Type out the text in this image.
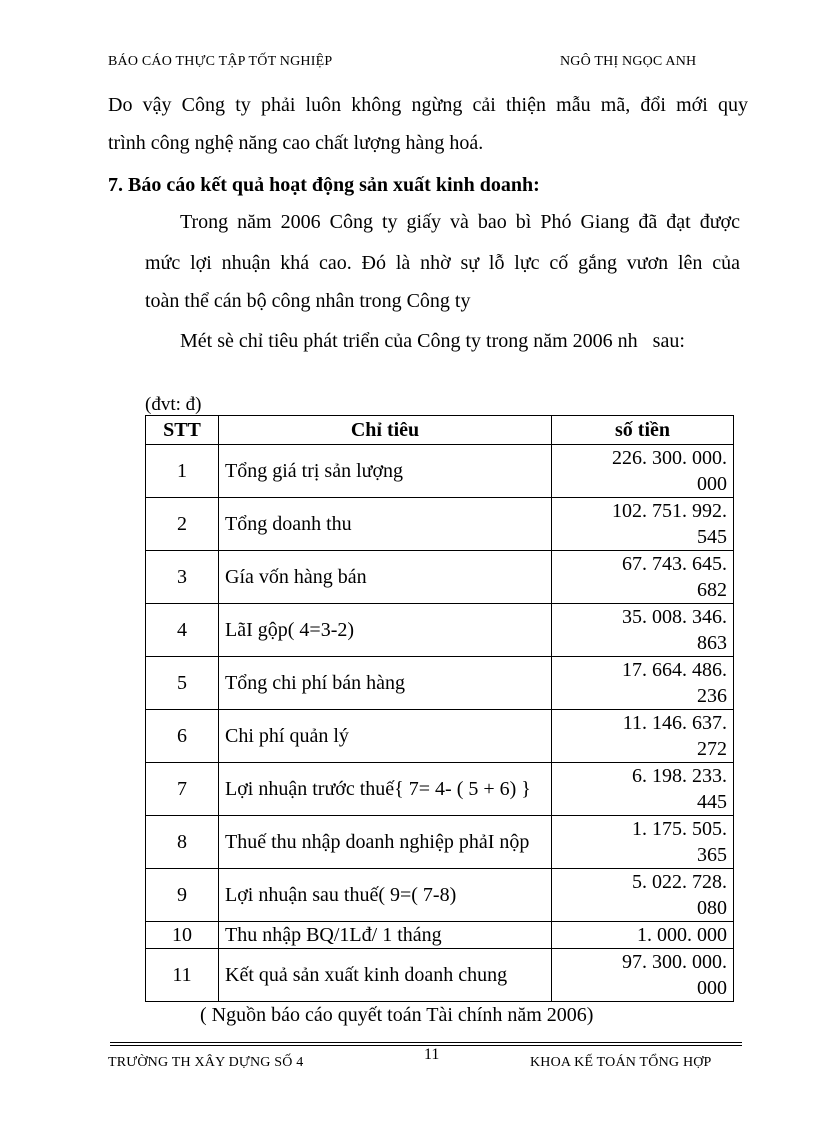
BÁO CÁO THỰC TẬP TỐT NGHIỆP	NGÔ THỊ NGỌC ANH
Do vậy Công ty phải luôn không ngừng cải thiện mẫu mã, đổi mới quy
trình công nghệ năng cao chất lượng hàng hoá.
7. Báo cáo kết quả hoạt động sản xuất kinh doanh:
Trong năm 2006 Công ty giấy và bao bì Phó Giang đã đạt được
mức lợi nhuận khá cao. Đó là nhờ sự lỗ lực cố gắng vươn lên của
toàn thể cán bộ công nhân trong Công ty
Mét sè chỉ tiêu phát triển của Công ty trong năm 2006 nh   sau:
(đvt: đ)
STT	Chỉ tiêu	số tiền
1	Tổng giá trị sản lượng	226. 300. 000.
000

2	Tổng doanh thu	102. 751. 992.
545

3	Gía vốn hàng bán	67. 743. 645.
682

4	LãI gộp( 4=3-2)	35. 008. 346.
863

5	Tổng chi phí bán hàng	17. 664. 486.
236

6	Chi phí quản lý	11. 146. 637.
272

7	Lợi nhuận trước thuế{ 7= 4- ( 5 + 6) }	6. 198. 233.
445

8	Thuế thu nhập doanh nghiệp phảI nộp	1. 175. 505.
365

9	Lợi nhuận sau thuế( 9=( 7-8)	5. 022. 728.
080

10	Thu nhập BQ/1Lđ/ 1 tháng	1. 000. 000

11	Kết quả sản xuất kinh doanh chung	97. 300. 000.
000
( Nguồn báo cáo quyết toán Tài chính năm 2006)
TRƯỜNG TH XÂY DỰNG SỐ 4	11	KHOA KẾ TOÁN TỔNG HỢP
